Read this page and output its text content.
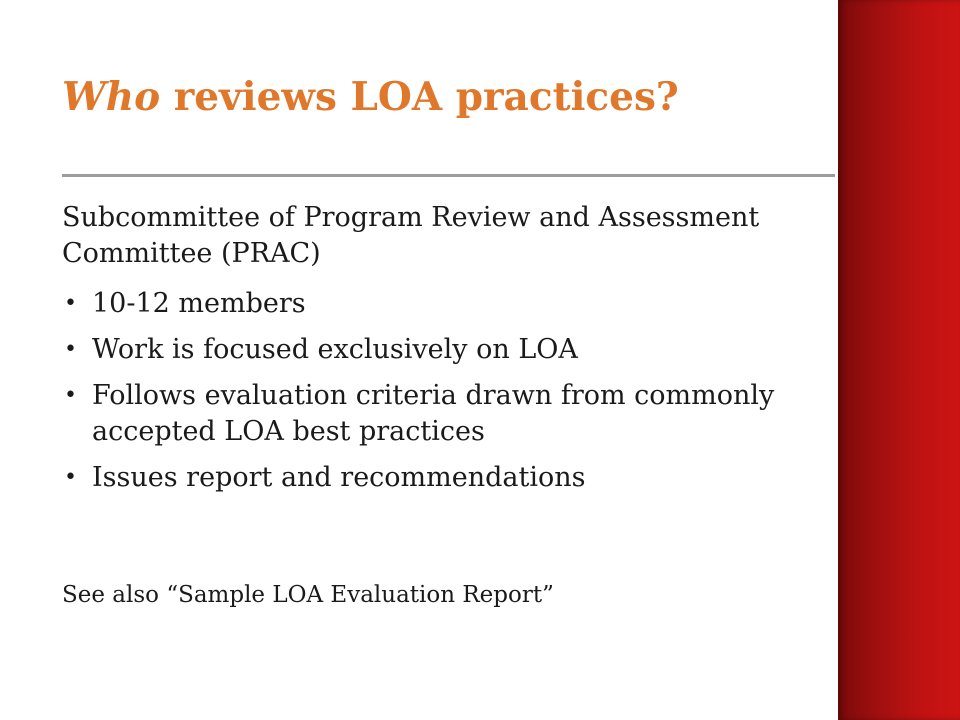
Who reviews LOA practices?

Subcommittee of Program Review and Assessment Committee (PRAC)

• 10-12 members
• Work is focused exclusively on LOA
• Follows evaluation criteria drawn from commonly accepted LOA best practices
• Issues report and recommendations

See also “Sample LOA Evaluation Report”
